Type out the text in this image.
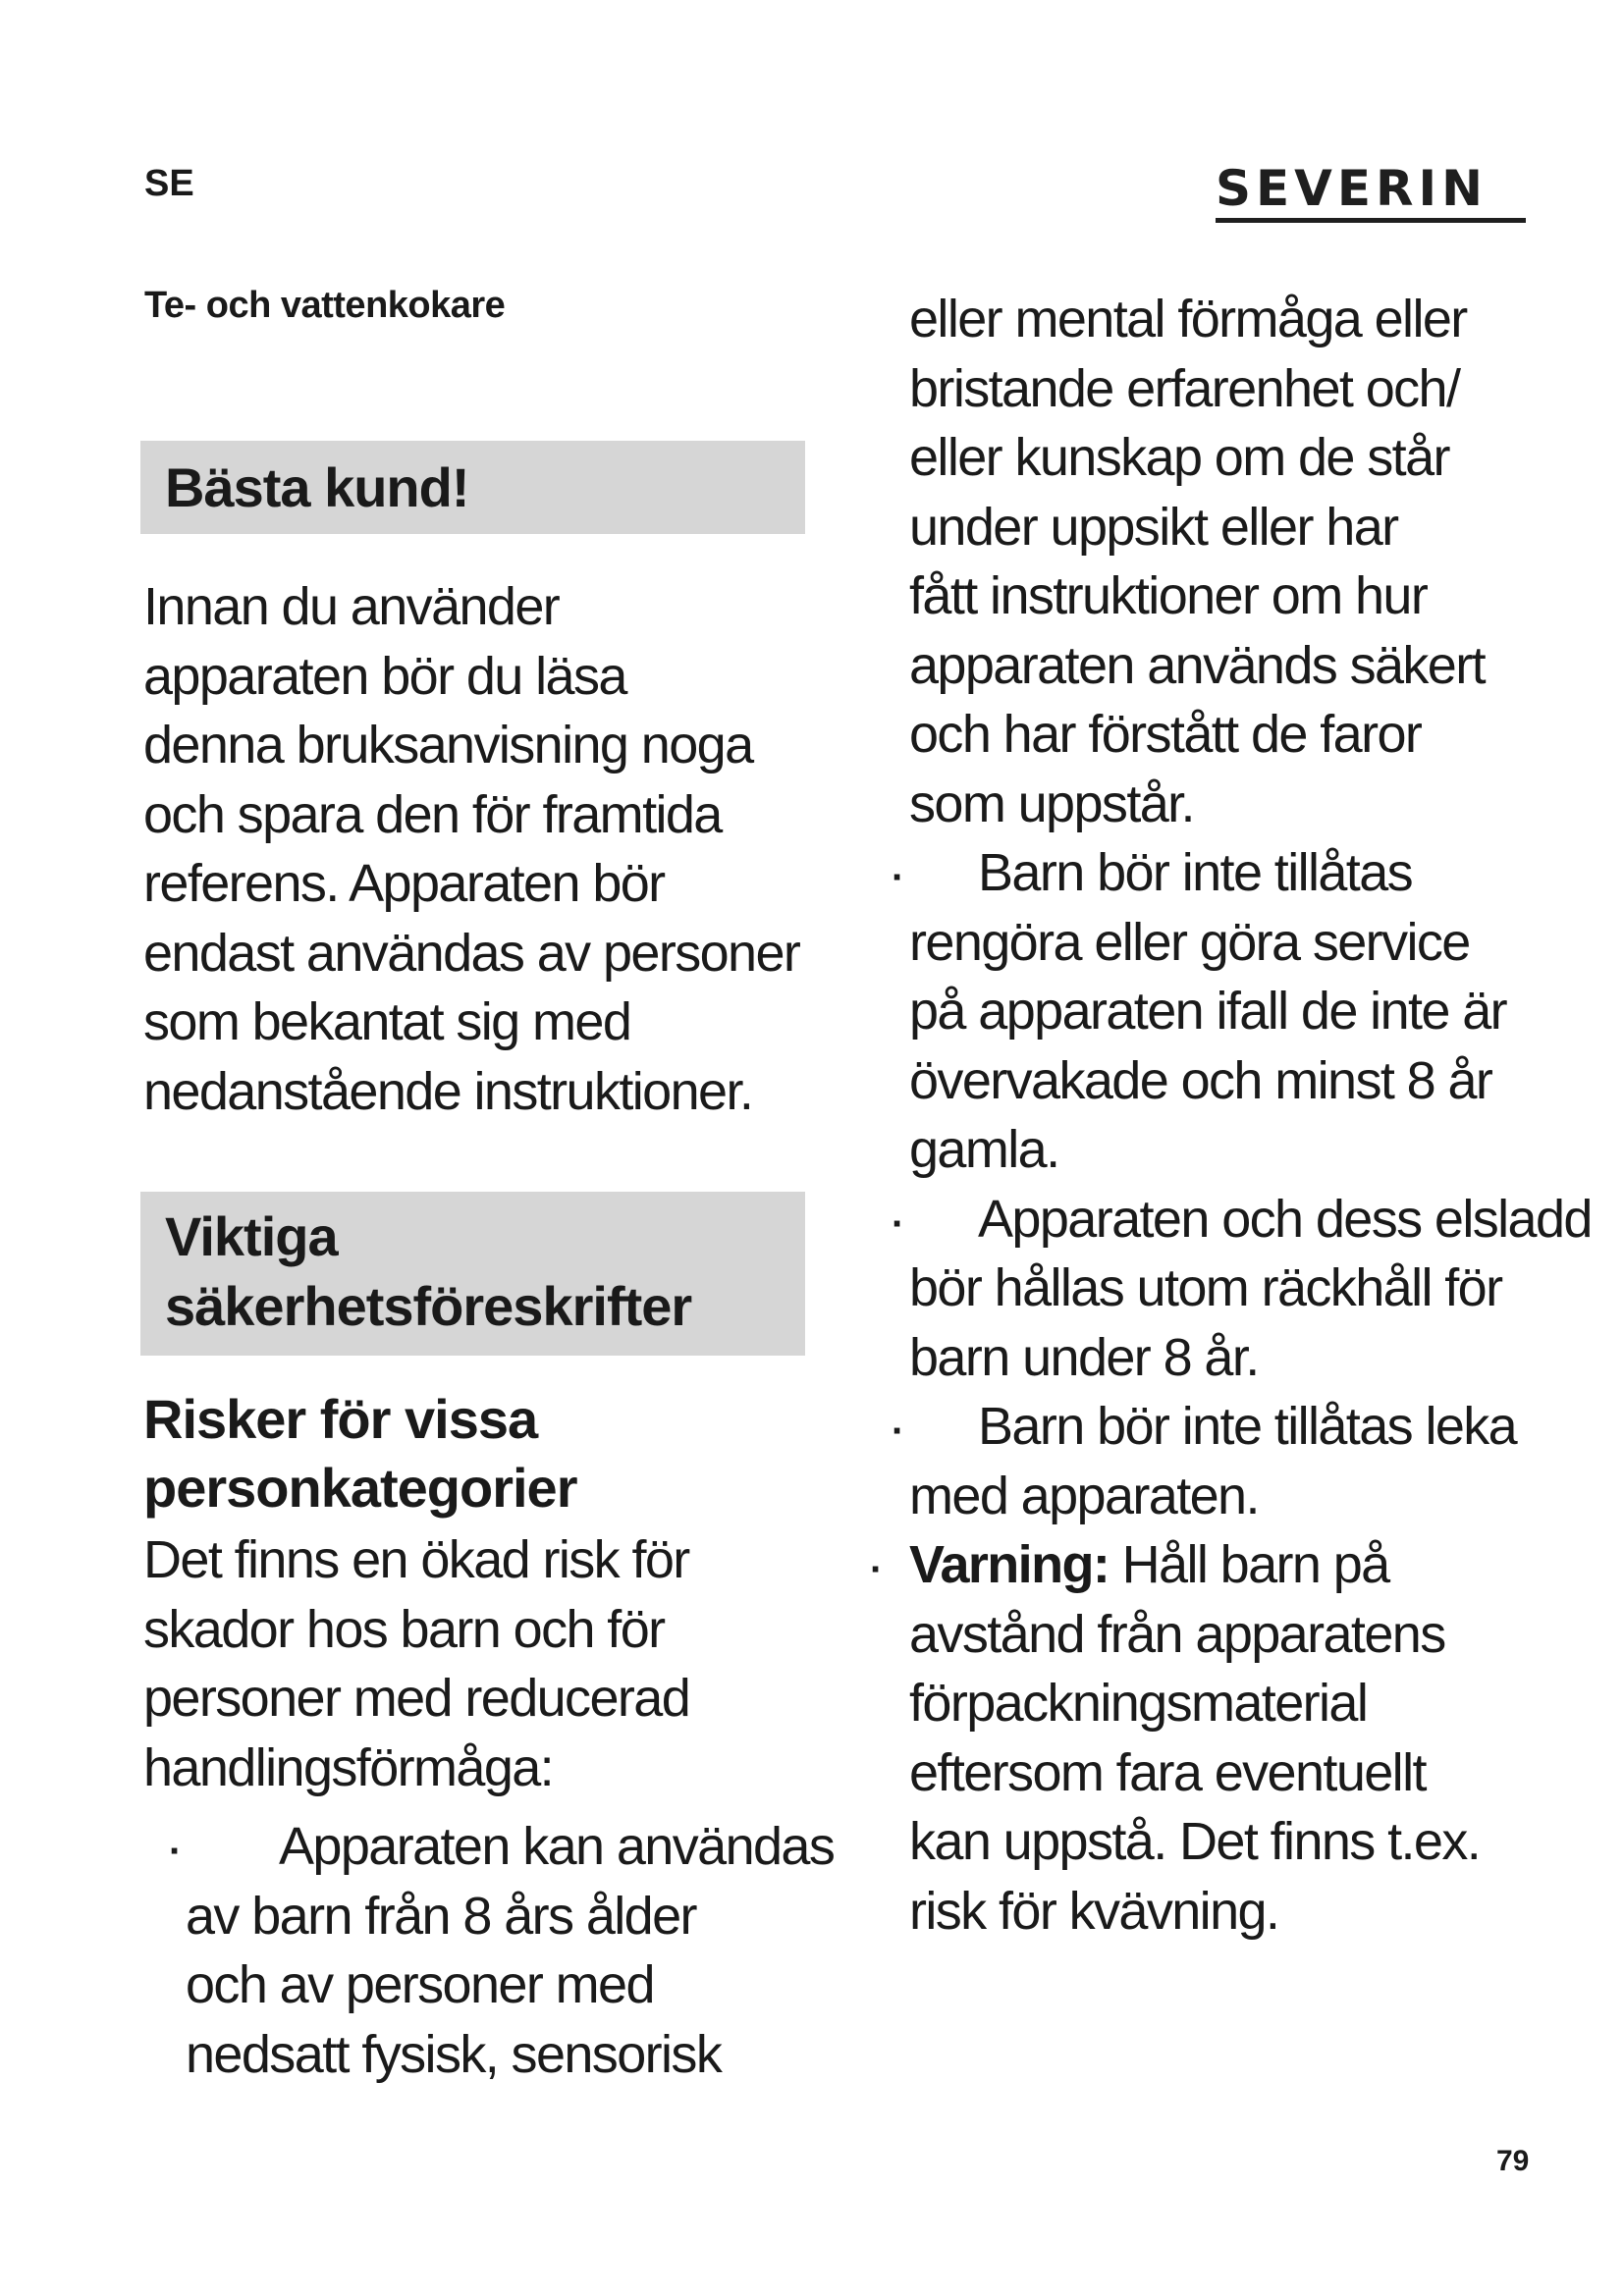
SE	SEVERIN
Te- och vattenkokare
Bästa kund!
Innan du använder
apparaten bör du läsa
denna bruksanvisning noga
och spara den för framtida
referens. Apparaten bör
endast användas av personer
som bekantat sig med
nedanstående instruktioner.
Viktiga
säkerhetsföreskrifter
Risker för vissa
personkategorier
Det finns en ökad risk för
skador hos barn och för
personer med reducerad
handlingsförmåga:
· Apparaten kan användas
av barn från 8 års ålder
och av personer med
nedsatt fysisk, sensorisk
eller mental förmåga eller
bristande erfarenhet och/
eller kunskap om de står
under uppsikt eller har
fått instruktioner om hur
apparaten används säkert
och har förstått de faror
som uppstår.
· Barn bör inte tillåtas
rengöra eller göra service
på apparaten ifall de inte är
övervakade och minst 8 år
gamla.
· Apparaten och dess elsladd
bör hållas utom räckhåll för
barn under 8 år.
· Barn bör inte tillåtas leka
med apparaten.
· Varning: Håll barn på
avstånd från apparatens
förpackningsmaterial
eftersom fara eventuellt
kan uppstå. Det finns t.ex.
risk för kvävning.
79
